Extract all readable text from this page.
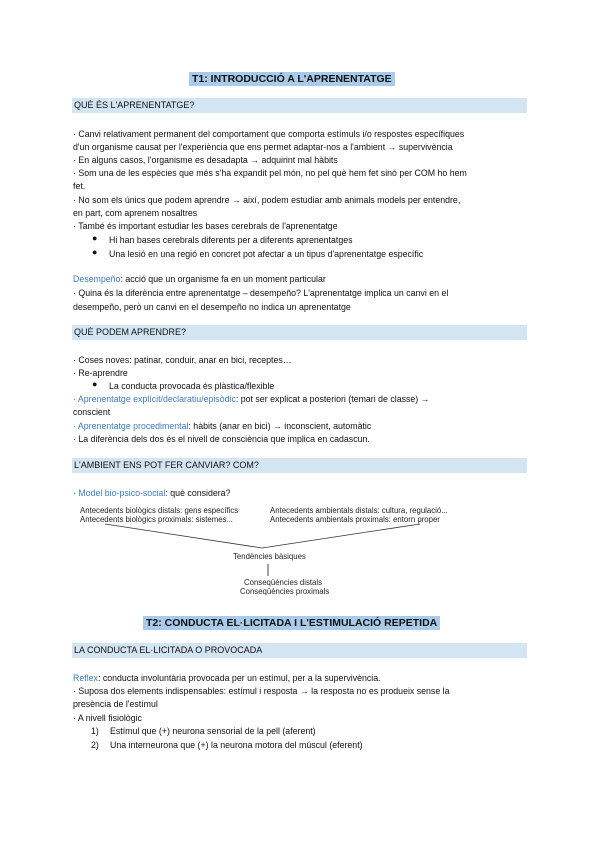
T1: INTRODUCCIÓ A L'APRENENTATGE
QUÈ ÉS L'APRENENTATGE?
· Canvi relativament permanent del comportament que comporta estímuls i/o respostes específiques
d'un organisme causat per l'experiència que ens permet adaptar-nos a l'ambient → supervivència
· En alguns casos, l'organisme es desadapta → adquirint mal hàbits
· Som una de les espècies que més s'ha expandit pel món, no pel què hem fet sinó per COM ho hem
fet.
· No som els únics que podem aprendre → així, podem estudiar amb animals models per entendre,
en part, com aprenem nosaltres
· També és important estudiar les bases cerebrals de l'aprenentatge
● Hi han bases cerebrals diferents per a diferents aprenentatges
● Una lesió en una regió en concret pot afectar a un tipus d'aprenentatge específic
Desempeño: acció que un organisme fa en un moment particular
· Quina és la diferència entre aprenentatge – desempeño? L'aprenentatge implica un canvi en el
desempeño, però un canvi en el desempeño no indica un aprenentatge
QUÈ PODEM APRENDRE?
· Coses noves: patinar, conduir, anar en bici, receptes…
· Re-aprendre
● La conducta provocada és plàstica/flexible
· Aprenentatge explícit/declaratiu/episòdic: pot ser explicat a posteriori (temari de classe) →
conscient
· Aprenentatge procedimental: hàbits (anar en bici) → inconscient, automàtic
· La diferència dels dos és el nivell de consciència que implica en cadascun.
L'AMBIENT ENS POT FER CANVIAR? COM?
· Model bio-psico-social: què considera?
Antecedents biològics distals: gens específics
Antecedents biològics proximals: sistemes...
Antecedents ambientals distals: cultura, regulació...
Antecedents ambientals proximals: entorn proper
Tendències bàsiques
Conseqüències distals
Conseqüències proximals
T2: CONDUCTA EL·LICITADA I L'ESTIMULACIÓ REPETIDA
LA CONDUCTA EL·LICITADA O PROVOCADA
Reflex: conducta involuntària provocada per un estímul, per a la supervivència.
· Suposa dos elements indispensables: estímul i resposta → la resposta no es produeix sense la
presència de l'estímul
· A nivell fisiològic
1) Estímul que (+) neurona sensorial de la pell (aferent)
2) Una interneurona que (+) la neurona motora del múscul (eferent)
